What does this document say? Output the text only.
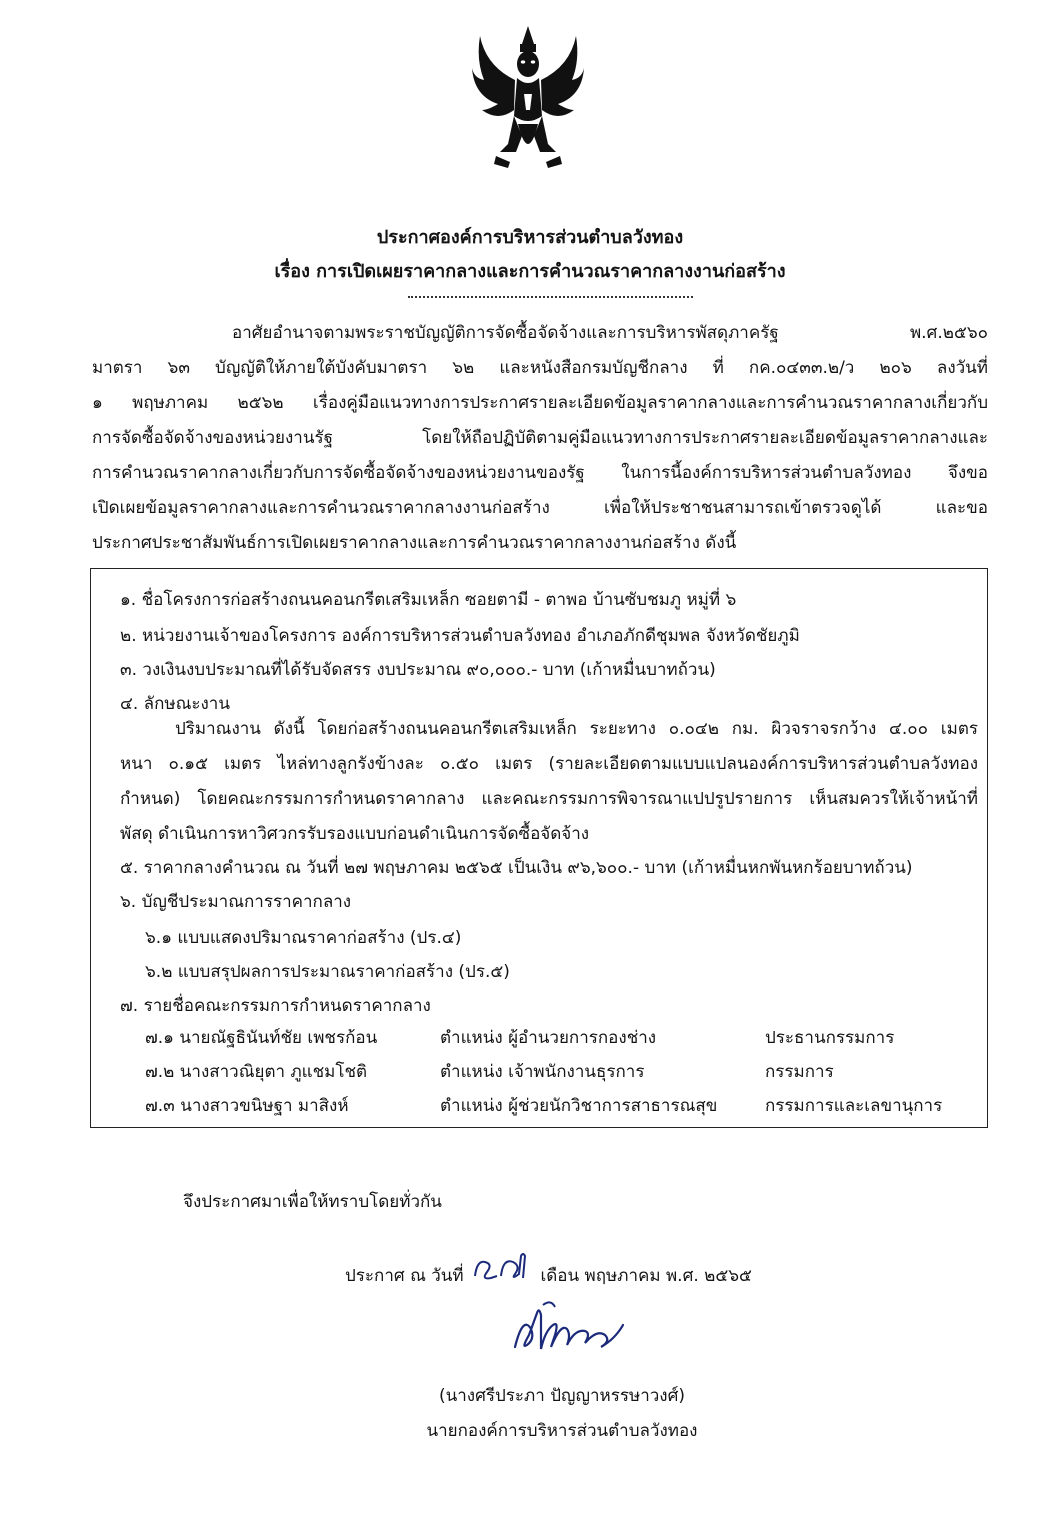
ประกาศองค์การบริหารส่วนตำบลวังทอง
เรื่อง การเปิดเผยราคากลางและการคำนวณราคากลางงานก่อสร้าง
อาศัยอำนาจตามพระราชบัญญัติการจัดซื้อจัดจ้างและการบริหารพัสดุภาครัฐ พ.ศ.๒๕๖๐
มาตรา ๖๓ บัญญัติให้ภายใต้บังคับมาตรา ๖๒ และหนังสือกรมบัญชีกลาง ที่ กค.๐๔๓๓.๒/ว ๒๐๖ ลงวันที่
๑ พฤษภาคม ๒๕๖๒ เรื่องคู่มือแนวทางการประกาศรายละเอียดข้อมูลราคากลางและการคำนวณราคากลางเกี่ยวกับ
การจัดซื้อจัดจ้างของหน่วยงานรัฐ โดยให้ถือปฏิบัติตามคู่มือแนวทางการประกาศรายละเอียดข้อมูลราคากลางและ
การคำนวณราคากลางเกี่ยวกับการจัดซื้อจัดจ้างของหน่วยงานของรัฐ ในการนี้องค์การบริหารส่วนตำบลวังทอง จึงขอ
เปิดเผยข้อมูลราคากลางและการคำนวณราคากลางงานก่อสร้าง เพื่อให้ประชาชนสามารถเข้าตรวจดูได้ และขอ
ประกาศประชาสัมพันธ์การเปิดเผยราคากลางและการคำนวณราคากลางงานก่อสร้าง ดังนี้
๑. ชื่อโครงการก่อสร้างถนนคอนกรีตเสริมเหล็ก ซอยตามี - ตาพอ บ้านซับชมภู หมู่ที่ ๖
๒. หน่วยงานเจ้าของโครงการ องค์การบริหารส่วนตำบลวังทอง อำเภอภักดีชุมพล จังหวัดชัยภูมิ
๓. วงเงินงบประมาณที่ได้รับจัดสรร งบประมาณ ๙๐,๐๐๐.- บาท (เก้าหมื่นบาทถ้วน)
๔. ลักษณะงาน
ปริมาณงาน ดังนี้ โดยก่อสร้างถนนคอนกรีตเสริมเหล็ก ระยะทาง ๐.๐๔๒ กม. ผิวจราจรกว้าง ๔.๐๐ เมตร
หนา ๐.๑๕ เมตร ไหล่ทางลูกรังข้างละ ๐.๕๐ เมตร (รายละเอียดตามแบบแปลนองค์การบริหารส่วนตำบลวังทอง
กำหนด) โดยคณะกรรมการกำหนดราคากลาง และคณะกรรมการพิจารณาแปปรูปรายการ เห็นสมควรให้เจ้าหน้าที่
พัสดุ ดำเนินการหาวิศวกรรับรองแบบก่อนดำเนินการจัดซื้อจัดจ้าง
๕. ราคากลางคำนวณ ณ วันที่ ๒๗ พฤษภาคม ๒๕๖๕ เป็นเงิน ๙๖,๖๐๐.- บาท (เก้าหมื่นหกพันหกร้อยบาทถ้วน)
๖. บัญชีประมาณการราคากลาง
๖.๑ แบบแสดงปริมาณราคาก่อสร้าง (ปร.๔)
๖.๒ แบบสรุปผลการประมาณราคาก่อสร้าง (ปร.๕)
๗. รายชื่อคณะกรรมการกำหนดราคากลาง
๗.๑ นายณัฐธินันท์ชัย เพชรก้อน	ตำแหน่ง ผู้อำนวยการกองช่าง	ประธานกรรมการ
๗.๒ นางสาวณิยุตา ภูแชมโชติ	ตำแหน่ง เจ้าพนักงานธุรการ	กรรมการ
๗.๓ นางสาวขนิษฐา มาสิงห์	ตำแหน่ง ผู้ช่วยนักวิชาการสาธารณสุข	กรรมการและเลขานุการ
จึงประกาศมาเพื่อให้ทราบโดยทั่วกัน
ประกาศ ณ วันที่	เดือน พฤษภาคม พ.ศ. ๒๕๖๕
(นางศรีประภา ปัญญาหรรษาวงศ์)
นายกองค์การบริหารส่วนตำบลวังทอง
